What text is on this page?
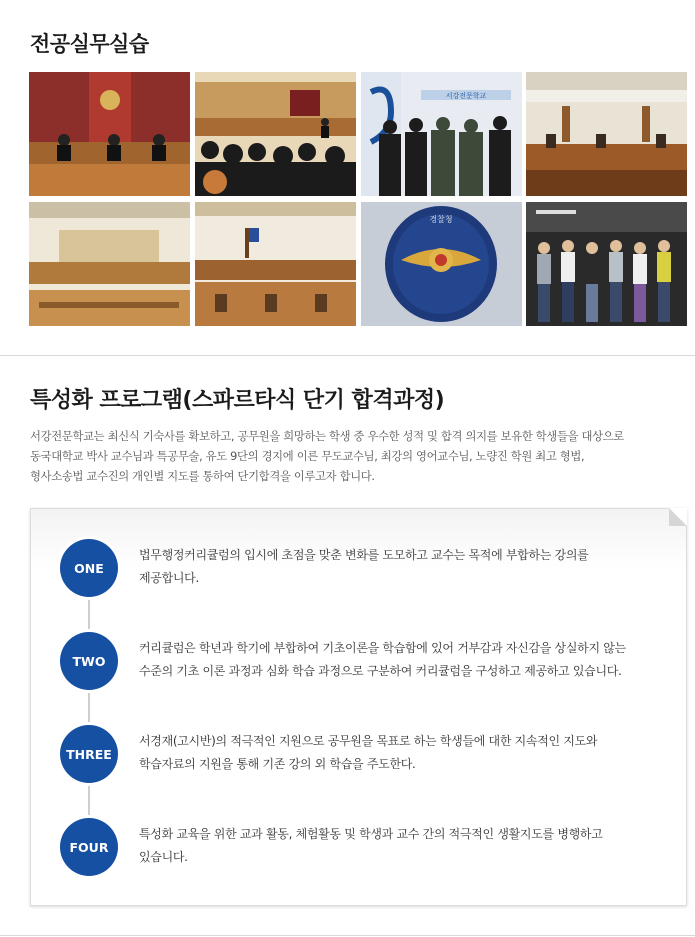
전공실무실습
서강전문학교
경찰청
특성화 프로그램(스파르타식 단기 합격과정)

서강전문학교는 최신식 기숙사를 확보하고, 공무원을 희망하는 학생 중 우수한 성적 및 합격 의지를 보유한 학생들을 대상으로

동국대학교 박사 교수님과 특공무술, 유도 9단의 경지에 이른 무도교수님, 최강의 영어교수님, 노량진 학원 최고 형법,

형사소송법 교수진의 개인별 지도를 통하여 단기합격을 이루고자 합니다.

ONE

법무행정커리큘럼의 입시에 초점을 맞춘 변화를 도모하고 교수는 목적에 부합하는 강의를

제공합니다.

TWO

커리큘럼은 학년과 학기에 부합하여 기초이론을 학습함에 있어 거부감과 자신감을 상실하지 않는

수준의 기초 이론 과정과 심화 학습 과정으로 구분하여 커리큘럼을 구성하고 제공하고 있습니다.

THREE

서경재(고시반)의 적극적인 지원으로 공무원을 목표로 하는 학생들에 대한 지속적인 지도와

학습자료의 지원을 통해 기존 강의 외 학습을 주도한다.

FOUR

특성화 교육을 위한 교과 활동, 체험활동 및 학생과 교수 간의 적극적인 생활지도를 병행하고

있습니다.
